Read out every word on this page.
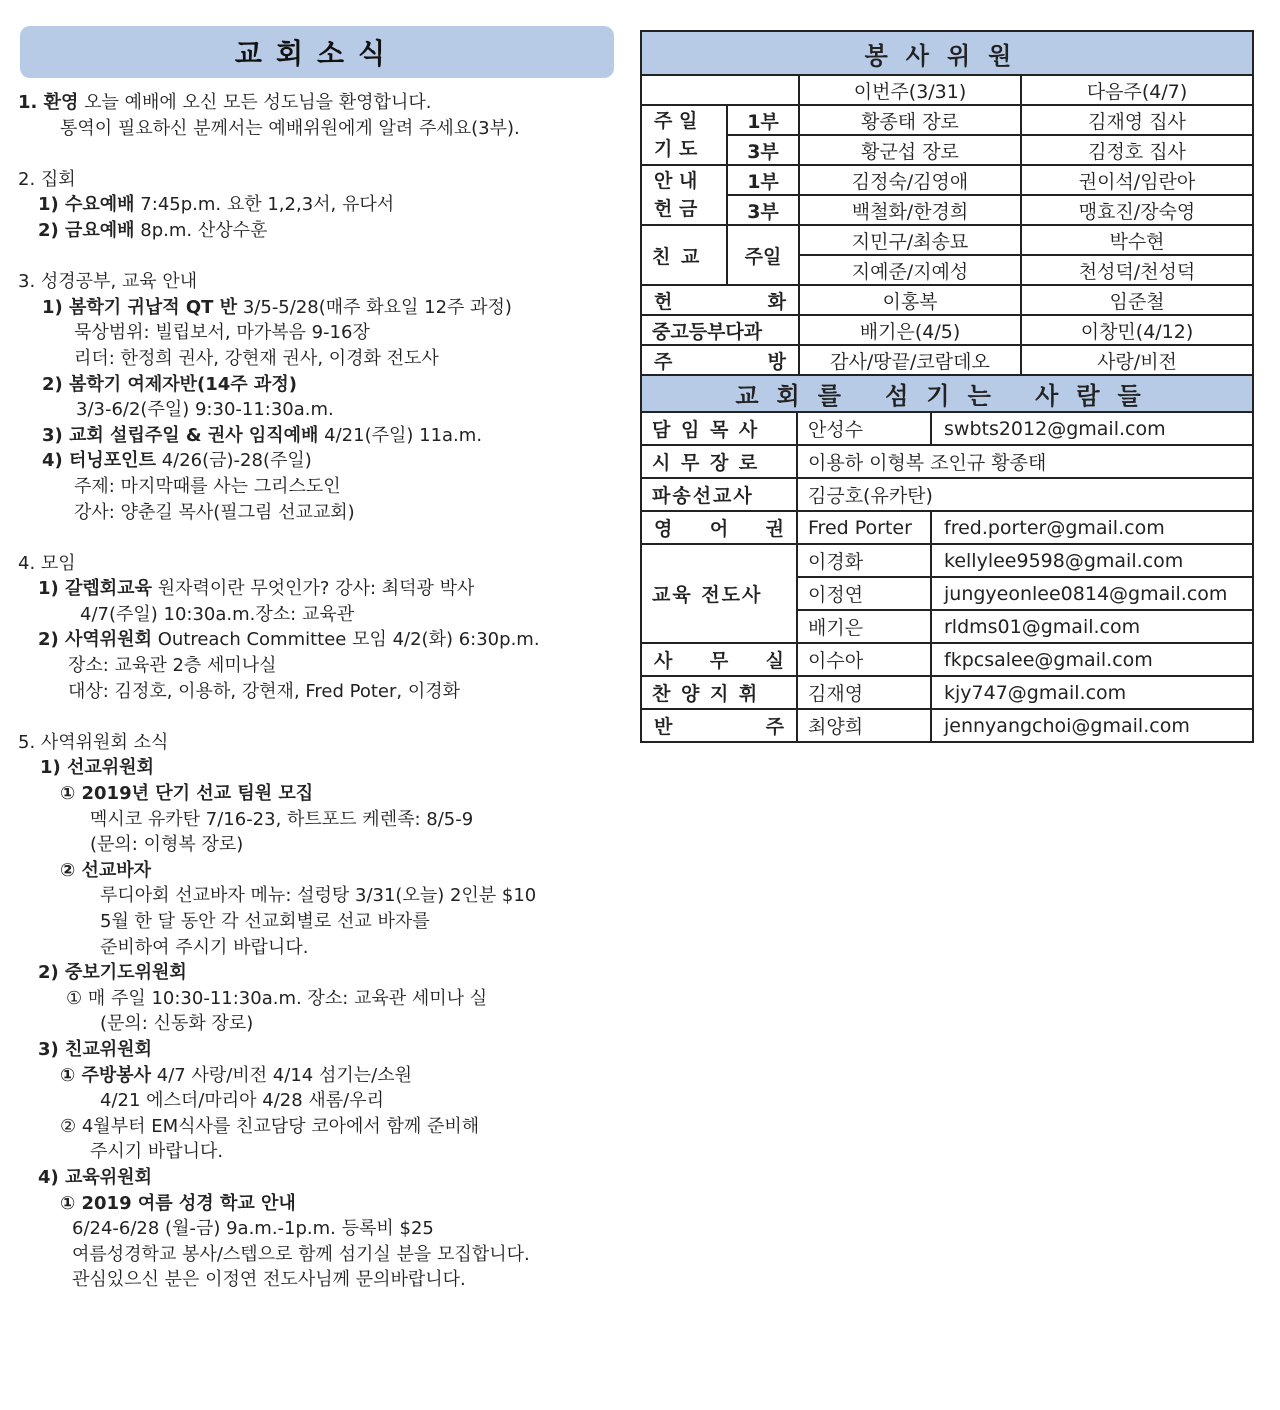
교회소식
1. 환영 오늘 예배에 오신 모든 성도님을 환영합니다.
통역이 필요하신 분께서는 예배위원에게 알려 주세요(3부).
2. 집회
1) 수요예배 7:45p.m. 요한 1,2,3서, 유다서
2) 금요예배 8p.m. 산상수훈
3. 성경공부, 교육 안내
1) 봄학기 귀납적 QT 반 3/5-5/28(매주 화요일 12주 과정)
묵상범위: 빌립보서, 마가복음 9-16장
리더: 한정희 권사, 강현재 권사, 이경화 전도사
2) 봄학기 여제자반(14주 과정)
3/3-6/2(주일) 9:30-11:30a.m.
3) 교회 설립주일 & 권사 임직예배 4/21(주일) 11a.m.
4) 터닝포인트 4/26(금)-28(주일)
주제: 마지막때를 사는 그리스도인
강사: 양춘길 목사(필그림 선교교회)
4. 모임
1) 갈렙회교육 원자력이란 무엇인가? 강사: 최덕광 박사
4/7(주일) 10:30a.m.장소: 교육관
2) 사역위원회 Outreach Committee 모임 4/2(화) 6:30p.m.
장소: 교육관 2층 세미나실
대상: 김정호, 이용하, 강현재, Fred Poter, 이경화
5. 사역위원회 소식
1) 선교위원회
① 2019년 단기 선교 팀원 모집
멕시코 유카탄 7/16-23, 하트포드 케렌족: 8/5-9
(문의: 이형복 장로)
② 선교바자
루디아회 선교바자 메뉴: 설렁탕 3/31(오늘) 2인분 $10
5월 한 달 동안 각 선교회별로 선교 바자를
준비하여 주시기 바랍니다.
2) 중보기도위원회
① 매 주일 10:30-11:30a.m. 장소: 교육관 세미나 실
(문의: 신동화 장로)
3) 친교위원회
① 주방봉사 4/7 사랑/비전 4/14 섬기는/소원
4/21 에스더/마리아 4/28 새롬/우리
② 4월부터 EM식사를 친교담당 코아에서 함께 준비해
주시기 바랍니다.
4) 교육위원회
① 2019 여름 성경 학교 안내
6/24-6/28 (월-금) 9a.m.-1p.m. 등록비 $25
여름성경학교 봉사/스텝으로 함께 섬기실 분을 모집합니다.
관심있으신 분은 이정연 전도사님께 문의바랍니다.
봉사위원			
		이번주(3/31)	다음주(4/7)

주 일
기 도	1부	황종태 장로	김재영 집사
	3부	황군섭 장로	김정호 집사

안 내
헌 금	1부	김정숙/김영애	권이석/임란아
	3부	백철화/한경희	맹효진/장숙영
친 교	주일	지민구/최송묘	박수현
		지예준/지예성	천성덕/천성덕

헌 화		이홍복	임준철
중고등부다과		배기은(4/5)	이창민(4/12)

주 방		감사/땅끝/코람데오	사랑/비전
교회를 섬기는 사람들		
담 임 목 사	안성수	swbts2012@gmail.com
시 무 장 로	이용하 이형복 조인규 황종태	
파송선교사	김긍호(유카탄)	

영 어 권	Fred Porter	fred.porter@gmail.com
교육 전도사	이경화	kellylee9598@gmail.com
	이정연	jungyeonlee0814@gmail.com
	배기은	rldms01@gmail.com

사 무 실	이수아	fkpcsalee@gmail.com
찬 양 지 휘	김재영	kjy747@gmail.com

반 주	최양희	jennyangchoi@gmail.com
